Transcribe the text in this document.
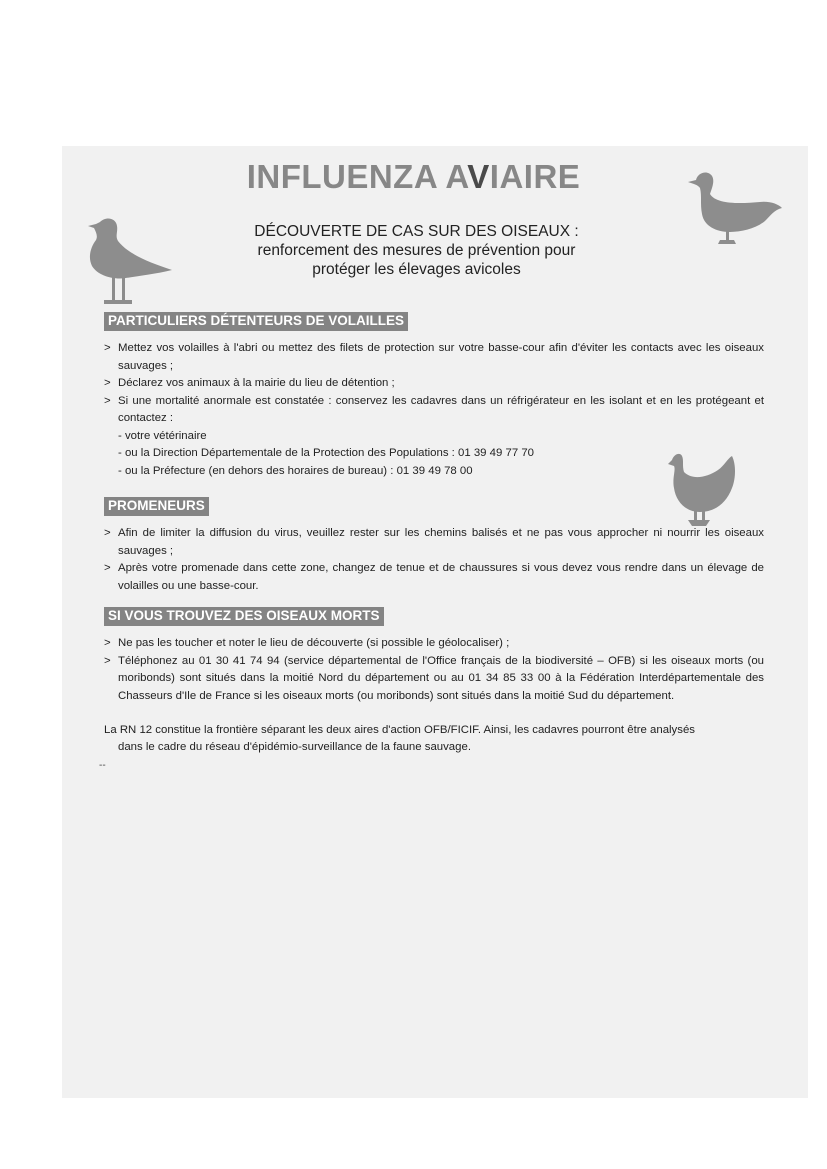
INFLUENZA AVIAIRE
DÉCOUVERTE DE CAS SUR DES OISEAUX :
renforcement des mesures de prévention pour
protéger les élevages avicoles
PARTICULIERS DÉTENTEURS DE VOLAILLES
> Mettez vos volailles à l'abri ou mettez des filets de protection sur votre basse-cour afin d'éviter les contacts avec les oiseaux sauvages ;
> Déclarez vos animaux à la mairie du lieu de détention ;
> Si une mortalité anormale est constatée : conservez les cadavres dans un réfrigérateur en les isolant et en les protégeant et contactez :
- votre vétérinaire
- ou la Direction Départementale de la Protection des Populations : 01 39 49 77 70
- ou la Préfecture (en dehors des horaires de bureau) : 01 39 49 78 00
PROMENEURS
> Afin de limiter la diffusion du virus, veuillez rester sur les chemins balisés et ne pas vous approcher ni nourrir les oiseaux sauvages ;
> Après votre promenade dans cette zone, changez de tenue et de chaussures si vous devez vous rendre dans un élevage de volailles ou une basse-cour.
SI VOUS TROUVEZ DES OISEAUX MORTS
> Ne pas les toucher et noter le lieu de découverte (si possible le géolocaliser) ;
> Téléphonez au 01 30 41 74 94 (service départemental de l'Office français de la biodiversité – OFB) si les oiseaux morts (ou moribonds) sont situés dans la moitié Nord du département ou au 01 34 85 33 00 à la Fédération Interdépartementale des Chasseurs d'Ile de France si les oiseaux morts (ou moribonds) sont situés dans la moitié Sud du département.
La RN 12 constitue la frontière séparant les deux aires d'action OFB/FICIF. Ainsi, les cadavres pourront être analysés
dans le cadre du réseau d'épidémio-surveillance de la faune sauvage.
--
